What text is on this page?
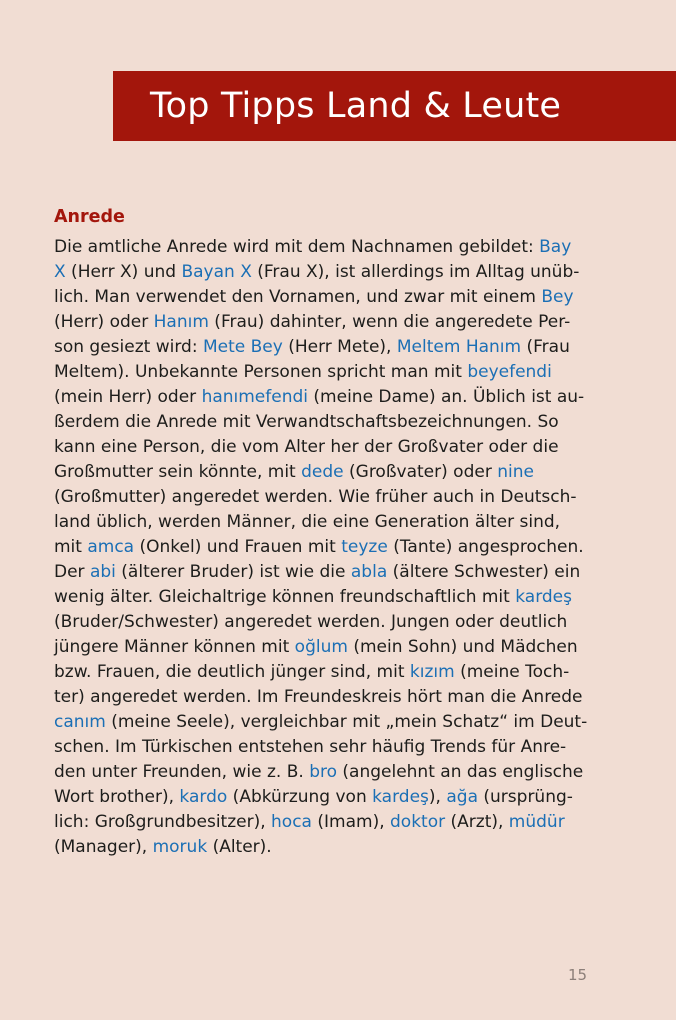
Top Tipps Land & Leute
Anrede
Die amtliche Anrede wird mit dem Nachnamen gebildet: Bay
X (Herr X) und Bayan X (Frau X), ist allerdings im Alltag unüb-
lich. Man verwendet den Vornamen, und zwar mit einem Bey
(Herr) oder Hanım (Frau) dahinter, wenn die angeredete Per-
son gesiezt wird: Mete Bey (Herr Mete), Meltem Hanım (Frau
Meltem). Unbekannte Personen spricht man mit beyefendi
(mein Herr) oder hanımefendi (meine Dame) an. Üblich ist au-
ßerdem die Anrede mit Verwandtschaftsbezeichnungen. So
kann eine Person, die vom Alter her der Großvater oder die
Großmutter sein könnte, mit dede (Großvater) oder nine
(Großmutter) angeredet werden. Wie früher auch in Deutsch-
land üblich, werden Männer, die eine Generation älter sind,
mit amca (Onkel) und Frauen mit teyze (Tante) angesprochen.
Der abi (älterer Bruder) ist wie die abla (ältere Schwester) ein
wenig älter. Gleichaltrige können freundschaftlich mit kardeş
(Bruder/Schwester) angeredet werden. Jungen oder deutlich
jüngere Männer können mit oğlum (mein Sohn) und Mädchen
bzw. Frauen, die deutlich jünger sind, mit kızım (meine Toch-
ter) angeredet werden. Im Freundeskreis hört man die Anrede
canım (meine Seele), vergleichbar mit „mein Schatz“ im Deut-
schen. Im Türkischen entstehen sehr häufig Trends für Anre-
den unter Freunden, wie z. B. bro (angelehnt an das englische
Wort brother), kardo (Abkürzung von kardeş), ağa (ursprüng-
lich: Großgrundbesitzer), hoca (Imam), doktor (Arzt), müdür
(Manager), moruk (Alter).
15
